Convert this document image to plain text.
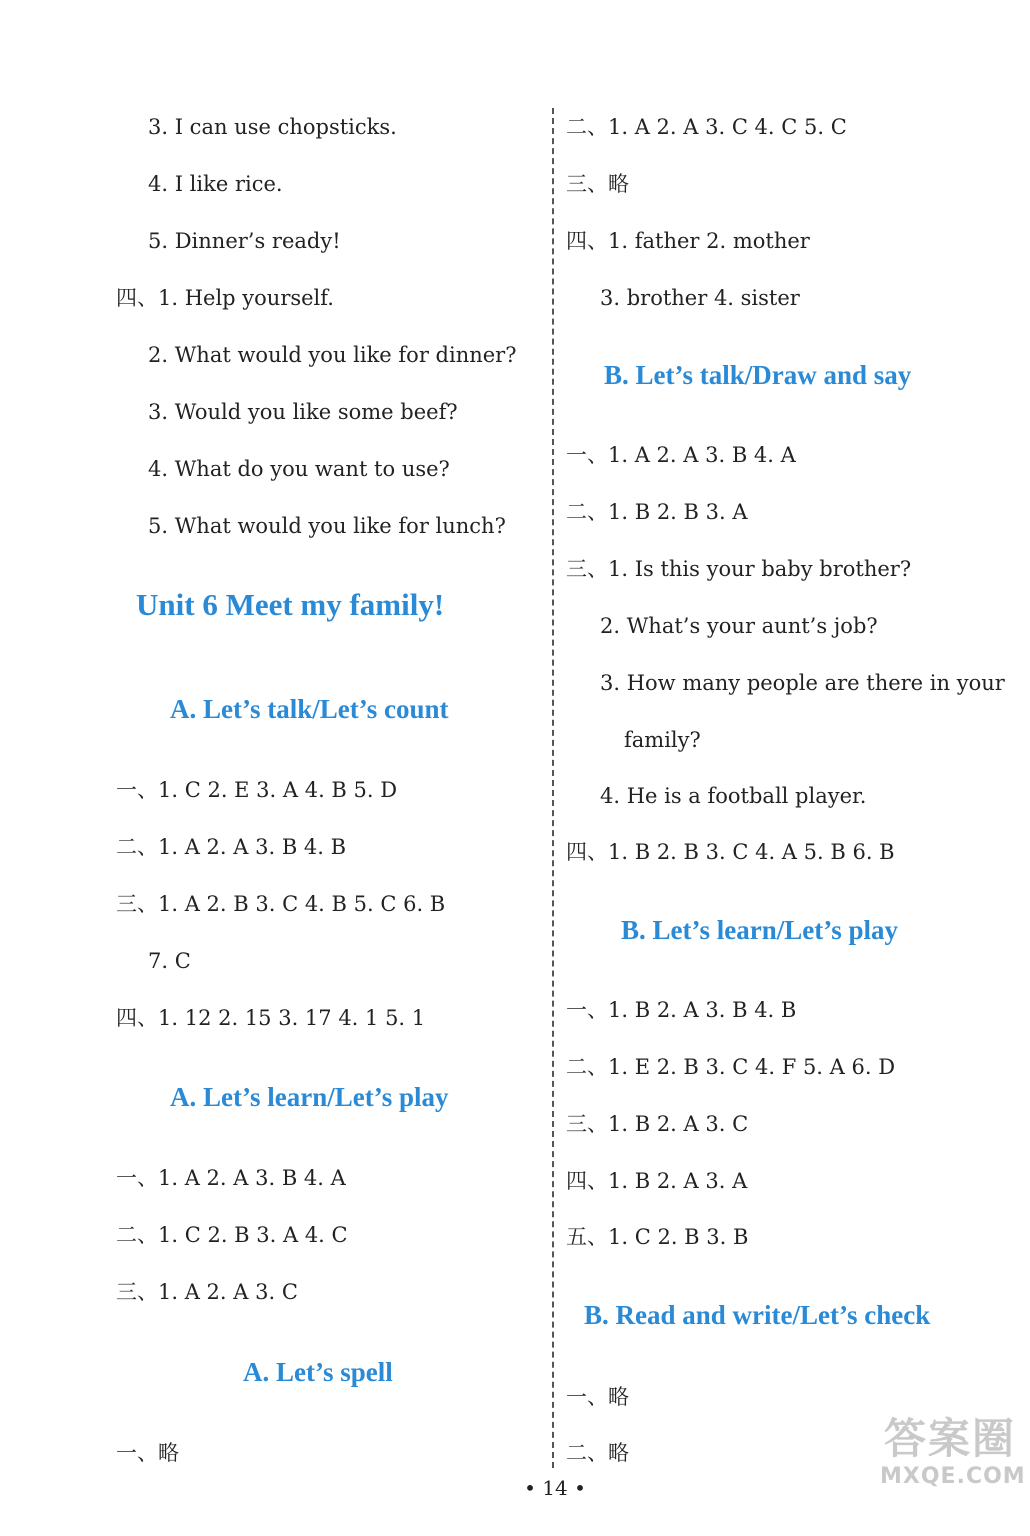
3. I can use chopsticks.
4. I like rice.
5. Dinner’s ready!
四、1. Help yourself.
2. What would you like for dinner?
3. Would you like some beef?
4. What do you want to use?
5. What would you like for lunch?
Unit 6 Meet my family!
A. Let’s talk/Let’s count
一、1. C 2. E 3. A 4. B 5. D
二、1. A 2. A 3. B 4. B
三、1. A 2. B 3. C 4. B 5. C 6. B
7. C
四、1. 12 2. 15 3. 17 4. 1 5. 1
A. Let’s learn/Let’s play
一、1. A 2. A 3. B 4. A
二、1. C 2. B 3. A 4. C
三、1. A 2. A 3. C
A. Let’s spell
一、略
二、1. A 2. A 3. C 4. C 5. C
三、略
四、1. father 2. mother
3. brother 4. sister
B. Let’s talk/Draw and say
一、1. A 2. A 3. B 4. A
二、1. B 2. B 3. A
三、1. Is this your baby brother?
2. What’s your aunt’s job?
3. How many people are there in your
family?
4. He is a football player.
四、1. B 2. B 3. C 4. A 5. B 6. B
B. Let’s learn/Let’s play
一、1. B 2. A 3. B 4. B
二、1. E 2. B 3. C 4. F 5. A 6. D
三、1. B 2. A 3. C
四、1. B 2. A 3. A
五、1. C 2. B 3. B
B. Read and write/Let’s check
一、略
二、略
• 14 •
答案圈
MXQE.COM
